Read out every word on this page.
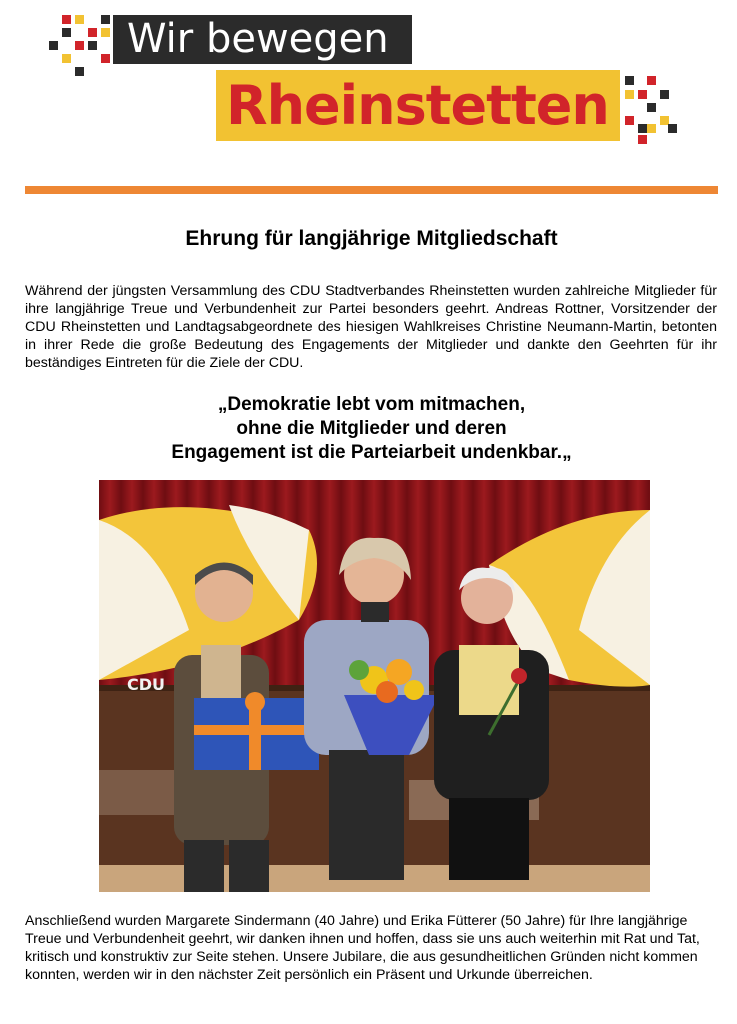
Wir bewegen
Rheinstetten
Ehrung für langjährige Mitgliedschaft

Während der jüngsten Versammlung des CDU Stadtverbandes Rheinstetten wurden zahlreiche Mitglieder für ihre langjährige Treue und Verbundenheit zur Partei besonders geehrt. Andreas Rottner, Vorsitzender der CDU Rheinstetten und Landtagsabgeordnete des hiesigen Wahlkreises Christine Neumann-Martin, betonten in ihrer Rede die große Bedeutung des Engagements der Mitglieder und dankte den Geehrten für ihr beständiges Eintreten für die Ziele der CDU.

„Demokratie lebt vom mitmachen,
ohne die Mitglieder und deren
Engagement ist die Parteiarbeit undenkbar.„

CDU

Anschließend wurden Margarete Sindermann (40 Jahre) und Erika Fütterer (50 Jahre) für Ihre langjährige Treue und Verbundenheit geehrt, wir danken ihnen und hoffen, dass sie uns auch weiterhin mit Rat und Tat, kritisch und konstruktiv zur Seite stehen. Unsere Jubilare, die aus gesundheitlichen Gründen nicht kommen konnten, werden wir in den nächster Zeit persönlich ein Präsent und Urkunde überreichen.
